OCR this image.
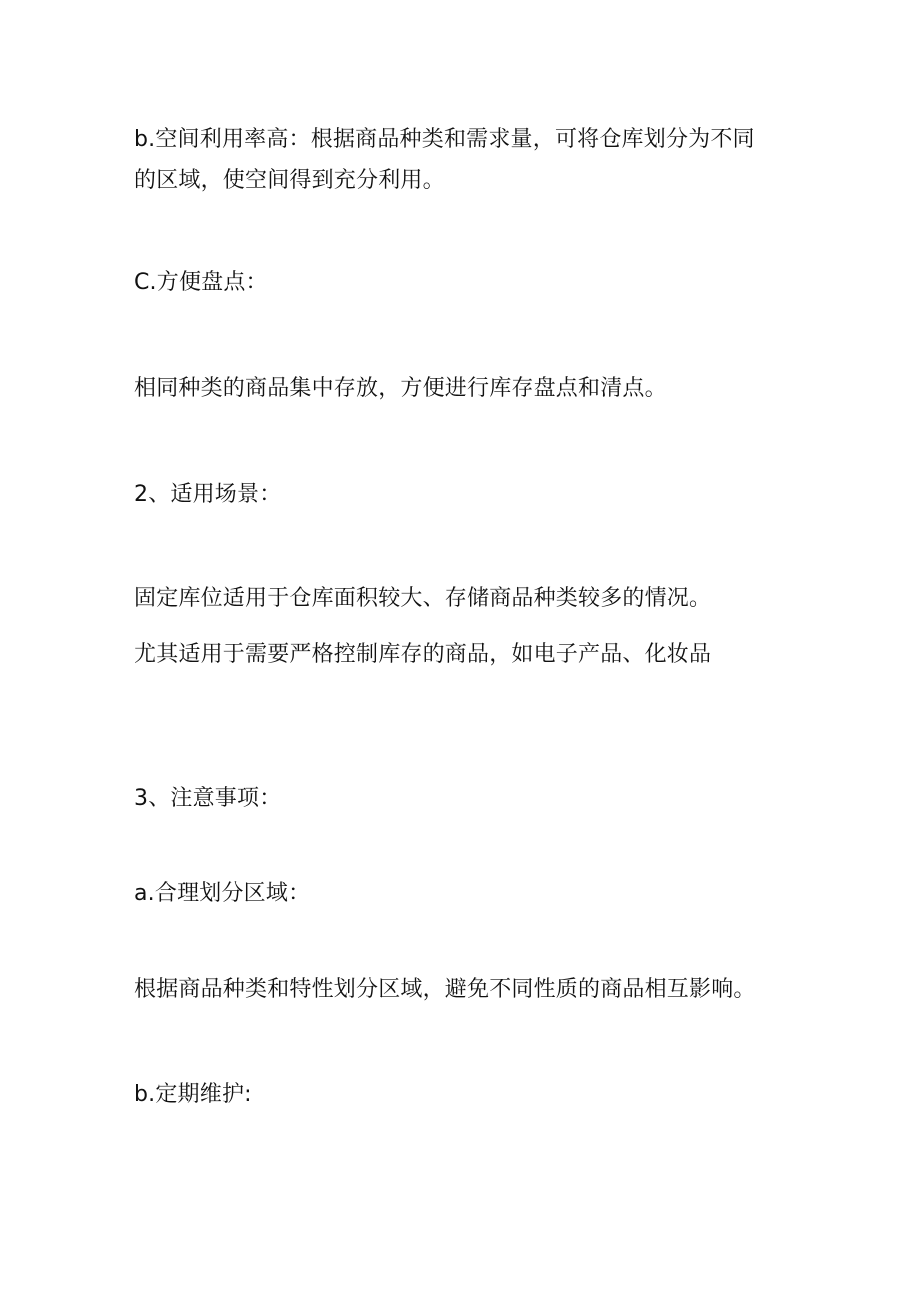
b.空间利用率高：根据商品种类和需求量，可将仓库划分为不同
的区域，使空间得到充分利用。
C.方便盘点：
相同种类的商品集中存放，方便进行库存盘点和清点。
2、适用场景：
固定库位适用于仓库面积较大、存储商品种类较多的情况。
尤其适用于需要严格控制库存的商品，如电子产品、化妆品
3、注意事项：
a.合理划分区域：
根据商品种类和特性划分区域，避免不同性质的商品相互影响。
b.定期维护:
